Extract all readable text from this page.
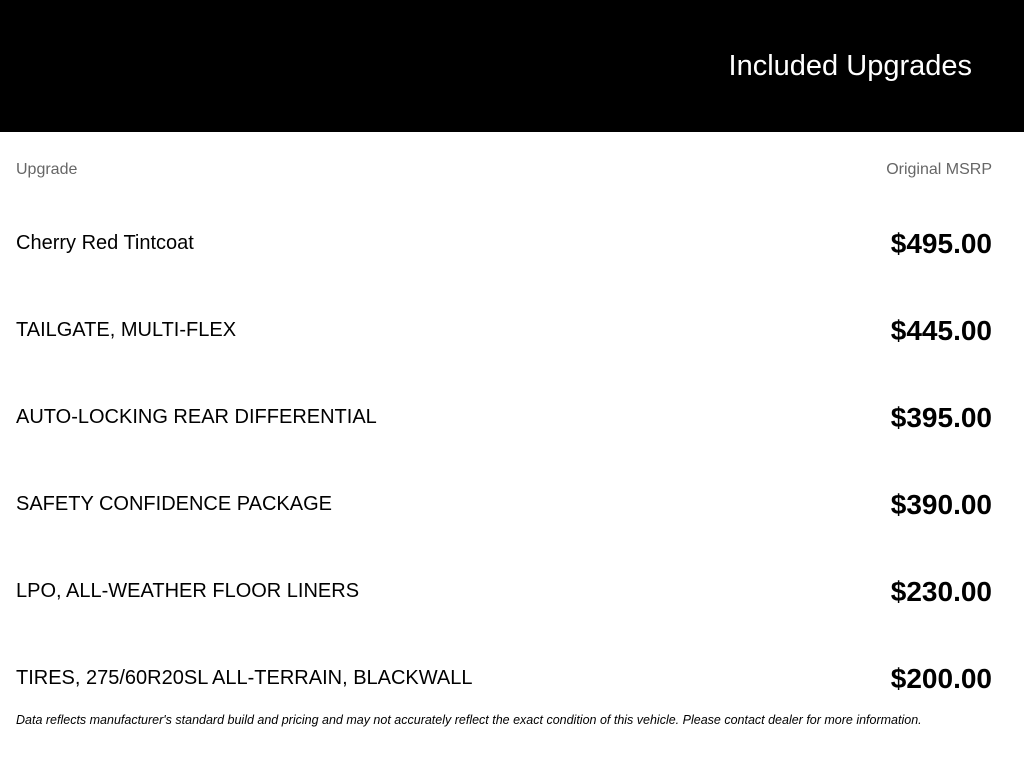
Included Upgrades
Upgrade	Original MSRP
Cherry Red Tintcoat	$495.00
TAILGATE, MULTI-FLEX	$445.00
AUTO-LOCKING REAR DIFFERENTIAL	$395.00
SAFETY CONFIDENCE PACKAGE	$390.00
LPO, ALL-WEATHER FLOOR LINERS	$230.00
TIRES, 275/60R20SL ALL-TERRAIN, BLACKWALL	$200.00
Data reflects manufacturer's standard build and pricing and may not accurately reflect the exact condition of this vehicle. Please contact dealer for more information.
